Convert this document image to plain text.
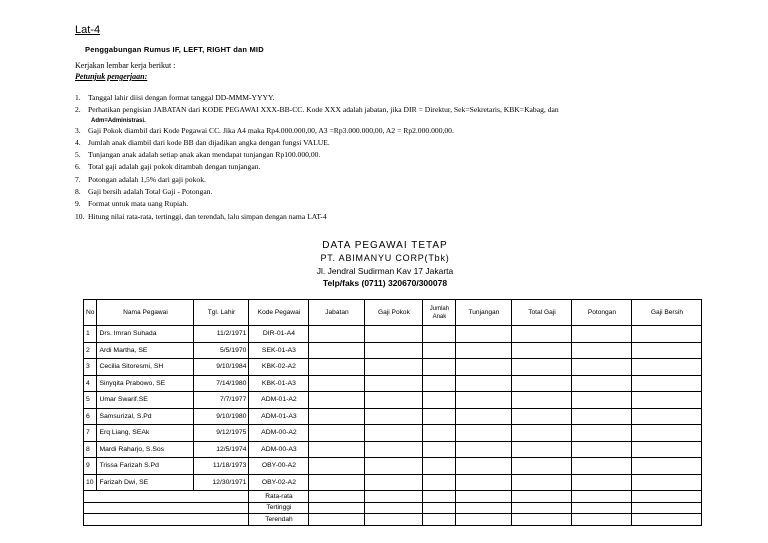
Lat-4
Penggabungan Rumus IF, LEFT, RIGHT dan MID
Kerjakan lembar kerja berikut :
Petunjuk pengerjaan:
1. Tanggal lahir diisi dengan format tanggal DD-MMM-YYYY.
2. Perhatikan pengisian JABATAN dari KODE PEGAWAI XXX-BB-CC. Kode XXX adalah jabatan, jika DIR = Direktur, Sek=Sekretaris, KBK=Kabag, dan
Adm=Administrasi.
3. Gaji Pokok diambil dari Kode Pegawai CC. Jika A4 maka Rp4.000.000,00, A3 =Rp3.000.000,00, A2 = Rp2.000.000,00.
4. Jumlah anak diambil dari kode BB dan dijadikan angka dengan fungsi VALUE.
5. Tunjangan anak adalah setiap anak akan mendapat tunjangan Rp100.000,00.
6. Total gaji adalah gaji pokok ditambah dengan tunjangan.
7. Potongan adalah 1,5% dari gaji pokok.
8. Gaji bersih adalah Total Gaji - Potongan.
9. Format untuk mata uang Rupiah.
10. Hitung nilai rata-rata, tertinggi, dan terendah, lalu simpan dengan nama LAT-4
DATA PEGAWAI TETAP
PT. ABIMANYU CORP(Tbk)
Jl. Jendral Sudirman Kav 17 Jakarta
Telp/faks (0711) 320670/300078
No	Nama Pegawai	Tgl. Lahir	Kode Pegawai	Jabatan	Gaji Pokok	Jumlah Anak	Tunjangan	Total Gaji	Potongan	Gaji Bersih
1	Drs. Imran Suhada	11/2/1971	DIR-01-A4							
2	Ardi Martha, SE	5/5/1970	SEK-01-A3							
3	Cecilia Sitoresmi, SH	9/10/1984	KBK-02-A2							
4	Sinyqita Prabowo, SE	7/14/1980	KBK-01-A3							
5	Umar Swarif.SE	7/7/1977	ADM-01-A2							
6	Samsurizal, S.Pd	9/10/1980	ADM-01-A3							
7	Erq Liang, SEAk	9/12/1975	ADM-00-A2							
8	Mardi Raharjo, S.Sos	12/5/1974	ADM-00-A3							
9	Trissa Farizah S.Pd	11/18/1973	OBY-00-A2							
10	Farizah Dwi, SE	12/30/1971	OBY-02-A2							
			Rata-rata							
			Tertinggi							
			Terendah							
